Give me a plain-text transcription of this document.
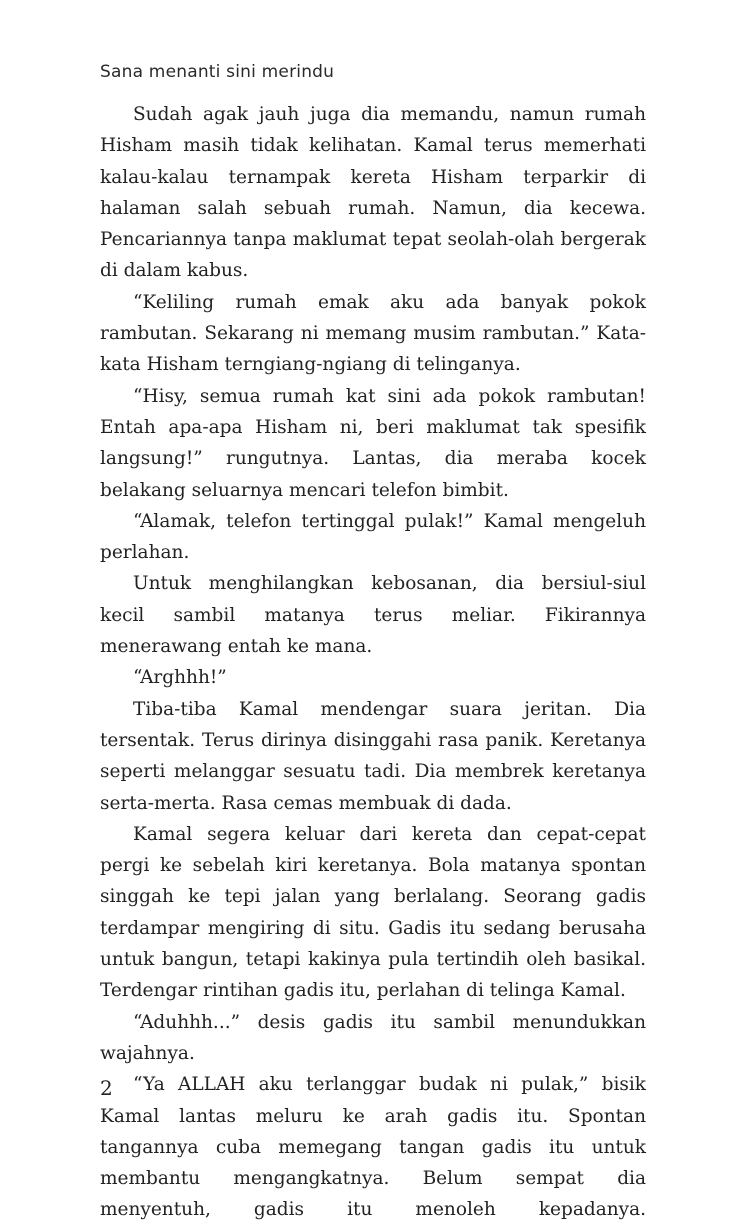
Sana menanti sini merindu

Sudah agak jauh juga dia memandu, namun rumah Hisham masih tidak kelihatan. Kamal terus memerhati kalau-kalau ternampak kereta Hisham terparkir di halaman salah sebuah rumah. Namun, dia kecewa. Pencariannya tanpa maklumat tepat seolah-olah bergerak di dalam kabus.

“Keliling rumah emak aku ada banyak pokok rambutan. Sekarang ni memang musim rambutan.” Kata-kata Hisham terngiang-ngiang di telinganya.

“Hisy, semua rumah kat sini ada pokok rambutan! Entah apa-apa Hisham ni, beri maklumat tak spesifik langsung!” rungutnya. Lantas, dia meraba kocek belakang seluarnya mencari telefon bimbit.

“Alamak, telefon tertinggal pulak!” Kamal mengeluh perlahan.

Untuk menghilangkan kebosanan, dia bersiul-siul kecil sambil matanya terus meliar. Fikirannya menerawang entah ke mana.

“Arghhh!”

Tiba-tiba Kamal mendengar suara jeritan. Dia tersentak. Terus dirinya disinggahi rasa panik. Keretanya seperti melanggar sesuatu tadi. Dia membrek keretanya serta-merta. Rasa cemas membuak di dada.

Kamal segera keluar dari kereta dan cepat-cepat pergi ke sebelah kiri keretanya. Bola matanya spontan singgah ke tepi jalan yang berlalang. Seorang gadis terdampar mengiring di situ. Gadis itu sedang berusaha untuk bangun, tetapi kakinya pula tertindih oleh basikal. Terdengar rintihan gadis itu, perlahan di telinga Kamal.

“Aduhhh...” desis gadis itu sambil menundukkan wajahnya.

“Ya ALLAH aku terlanggar budak ni pulak,” bisik Kamal lantas meluru ke arah gadis itu. Spontan tangannya cuba memegang tangan gadis itu untuk membantu mengangkatnya. Belum sempat dia menyentuh, gadis itu menoleh kepadanya.

2
